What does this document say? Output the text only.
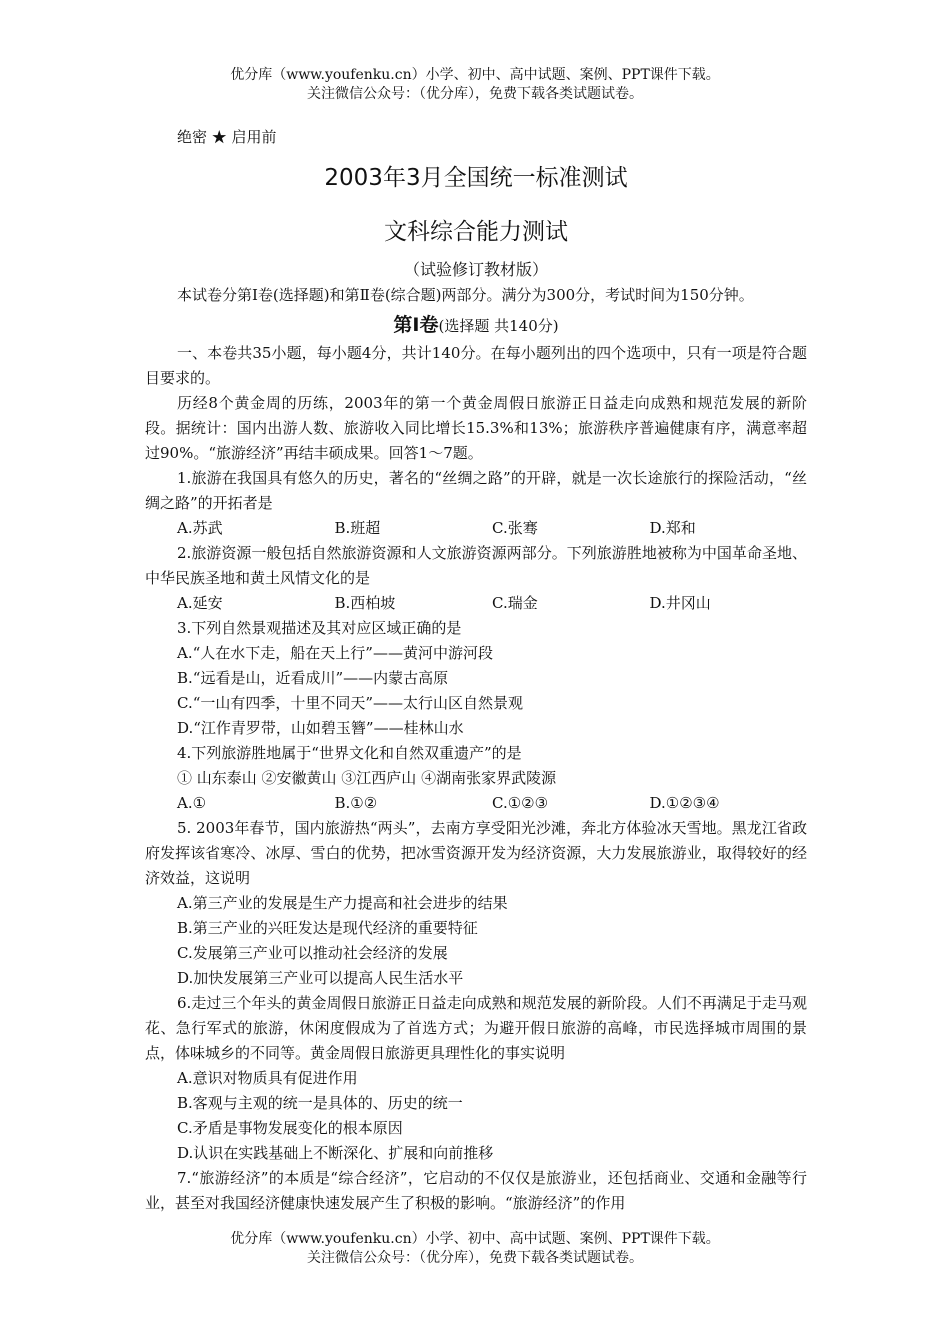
优分库（www.youfenku.cn）小学、初中、高中试题、案例、PPT课件下载。
关注微信公众号：（优分库），免费下载各类试题试卷。
绝密 ★ 启用前
2003年3月全国统一标准测试
文科综合能力测试
（试验修订教材版）
本试卷分第Ⅰ卷(选择题)和第Ⅱ卷(综合题)两部分。满分为300分，考试时间为150分钟。
第Ⅰ卷(选择题 共140分)
一、本卷共35小题，每小题4分，共计140分。在每小题列出的四个选项中，只有一项是符合题目要求的。
历经8个黄金周的历练，2003年的第一个黄金周假日旅游正日益走向成熟和规范发展的新阶段。据统计：国内出游人数、旅游收入同比增长15.3%和13%；旅游秩序普遍健康有序，满意率超过90%。“旅游经济”再结丰硕成果。回答1～7题。
1.旅游在我国具有悠久的历史，著名的“丝绸之路”的开辟，就是一次长途旅行的探险活动，“丝绸之路”的开拓者是
A.苏武	B.班超	C.张骞	D.郑和
2.旅游资源一般包括自然旅游资源和人文旅游资源两部分。下列旅游胜地被称为中国革命圣地、中华民族圣地和黄土风情文化的是
A.延安	B.西柏坡	C.瑞金	D.井冈山
3.下列自然景观描述及其对应区域正确的是
A.“人在水下走，船在天上行”——黄河中游河段
B.“远看是山，近看成川”——内蒙古高原
C.“一山有四季，十里不同天”——太行山区自然景观
D.“江作青罗带，山如碧玉簪”——桂林山水
4.下列旅游胜地属于“世界文化和自然双重遗产”的是
① 山东泰山 ②安徽黄山 ③江西庐山 ④湖南张家界武陵源
A.①	B.①②	C.①②③	D.①②③④
5. 2003年春节，国内旅游热“两头”，去南方享受阳光沙滩，奔北方体验冰天雪地。黑龙江省政府发挥该省寒冷、冰厚、雪白的优势，把冰雪资源开发为经济资源，大力发展旅游业，取得较好的经济效益，这说明
A.第三产业的发展是生产力提高和社会进步的结果
B.第三产业的兴旺发达是现代经济的重要特征
C.发展第三产业可以推动社会经济的发展
D.加快发展第三产业可以提高人民生活水平
6.走过三个年头的黄金周假日旅游正日益走向成熟和规范发展的新阶段。人们不再满足于走马观花、急行军式的旅游，休闲度假成为了首选方式；为避开假日旅游的高峰，市民选择城市周围的景点，体味城乡的不同等。黄金周假日旅游更具理性化的事实说明
A.意识对物质具有促进作用
B.客观与主观的统一是具体的、历史的统一
C.矛盾是事物发展变化的根本原因
D.认识在实践基础上不断深化、扩展和向前推移
7.“旅游经济”的本质是“综合经济”，它启动的不仅仅是旅游业，还包括商业、交通和金融等行业，甚至对我国经济健康快速发展产生了积极的影响。“旅游经济”的作用
优分库（www.youfenku.cn）小学、初中、高中试题、案例、PPT课件下载。
关注微信公众号：（优分库），免费下载各类试题试卷。
